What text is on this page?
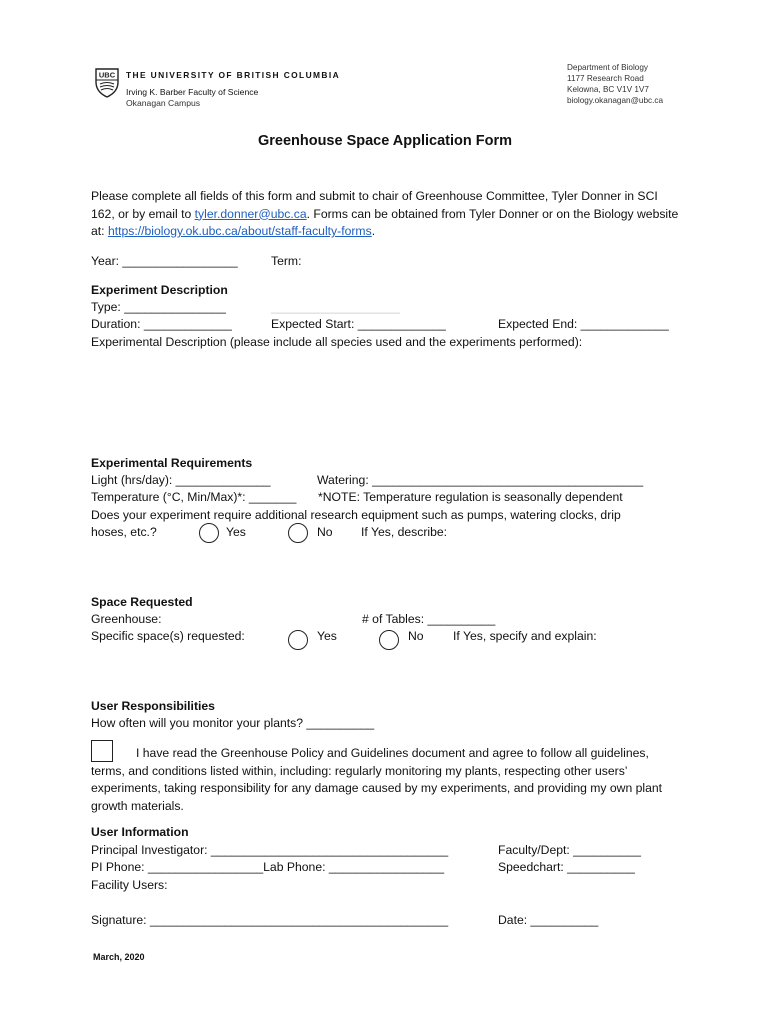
UBC THE UNIVERSITY OF BRITISH COLUMBIA
Irving K. Barber Faculty of Science
Okanagan Campus
Department of Biology
1177 Research Road
Kelowna, BC V1V 1V7
biology.okanagan@ubc.ca
Greenhouse Space Application Form
Please complete all fields of this form and submit to chair of Greenhouse Committee, Tyler Donner in SCI 162, or by email to tyler.donner@ubc.ca. Forms can be obtained from Tyler Donner or on the Biology website at: https://biology.ok.ubc.ca/about/staff-faculty-forms.
Year: _________________	Term:
Experiment Description
Type: _______________	___________________
Duration: _____________	Expected Start: _____________	Expected End: _____________
Experimental Description (please include all species used and the experiments performed):
Experimental Requirements
Light (hrs/day): ______________	Watering: ________________________________________
Temperature (°C, Min/Max)*: _______ *NOTE: Temperature regulation is seasonally dependent
Does your experiment require additional research equipment such as pumps, watering clocks, drip
hoses, etc.?	Yes	No If Yes, describe:
Space Requested
Greenhouse:	# of Tables: __________
Specific space(s) requested:	Yes	No If Yes, specify and explain:
User Responsibilities
How often will you monitor your plants? __________
I have read the Greenhouse Policy and Guidelines document and agree to follow all guidelines, terms, and conditions listed within, including: regularly monitoring my plants, respecting other users’ experiments, taking responsibility for any damage caused by my experiments, and providing my own plant growth materials.
User Information
Principal Investigator: ___________________________________	Faculty/Dept: __________
PI Phone: _________________Lab Phone: _________________	Speedchart: __________
Facility Users:
Signature: ____________________________________________	Date: __________
March, 2020
